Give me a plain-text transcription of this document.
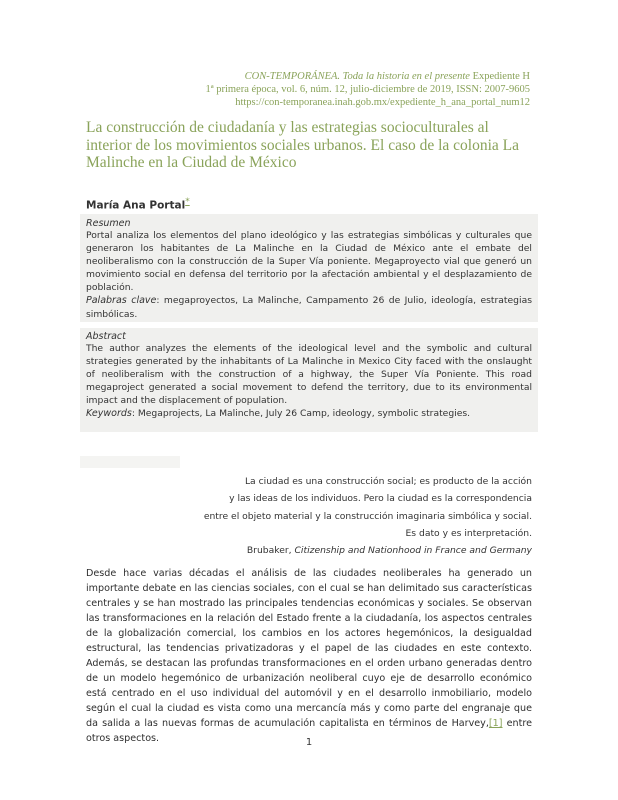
CON-TEMPORÁNEA. Toda la historia en el presente Expediente H
1ª primera época, vol. 6, núm. 12, julio-diciembre de 2019, ISSN: 2007-9605
https://con-temporanea.inah.gob.mx/expediente_h_ana_portal_num12
La construcción de ciudadanía y las estrategias socioculturales al interior de los movimientos sociales urbanos. El caso de la colonia La Malinche en la Ciudad de México
María Ana Portal*
Resumen

Portal analiza los elementos del plano ideológico y las estrategias simbólicas y culturales que generaron los habitantes de La Malinche en la Ciudad de México ante el embate del neoliberalismo con la construcción de la Super Vía poniente. Megaproyecto vial que generó un movimiento social en defensa del territorio por la afectación ambiental y el desplazamiento de población.

Palabras clave: megaproyectos, La Malinche, Campamento 26 de Julio, ideología, estrategias simbólicas.

Abstract

The author analyzes the elements of the ideological level and the symbolic and cultural strategies generated by the inhabitants of La Malinche in Mexico City faced with the onslaught of neoliberalism with the construction of a highway, the Super Vía Poniente. This road megaproject generated a social movement to defend the territory, due to its environmental impact and the displacement of population.

Keywords: Megaprojects, La Malinche, July 26 Camp, ideology, symbolic strategies.

La ciudad es una construcción social; es producto de la acción
y las ideas de los individuos. Pero la ciudad es la correspondencia
entre el objeto material y la construcción imaginaria simbólica y social.
Es dato y es interpretación.
Brubaker, Citizenship and Nationhood in France and Germany

Desde hace varias décadas el análisis de las ciudades neoliberales ha generado un importante debate en las ciencias sociales, con el cual se han delimitado sus características centrales y se han mostrado las principales tendencias económicas y sociales. Se observan las transformaciones en la relación del Estado frente a la ciudadanía, los aspectos centrales de la globalización comercial, los cambios en los actores hegemónicos, la desigualdad estructural, las tendencias privatizadoras y el papel de las ciudades en este contexto. Además, se destacan las profundas transformaciones en el orden urbano generadas dentro de un modelo hegemónico de urbanización neoliberal cuyo eje de desarrollo económico está centrado en el uso individual del automóvil y en el desarrollo inmobiliario, modelo según el cual la ciudad es vista como una mercancía más y como parte del engranaje que da salida a las nuevas formas de acumulación capitalista en términos de Harvey,[1] entre otros aspectos.	1
